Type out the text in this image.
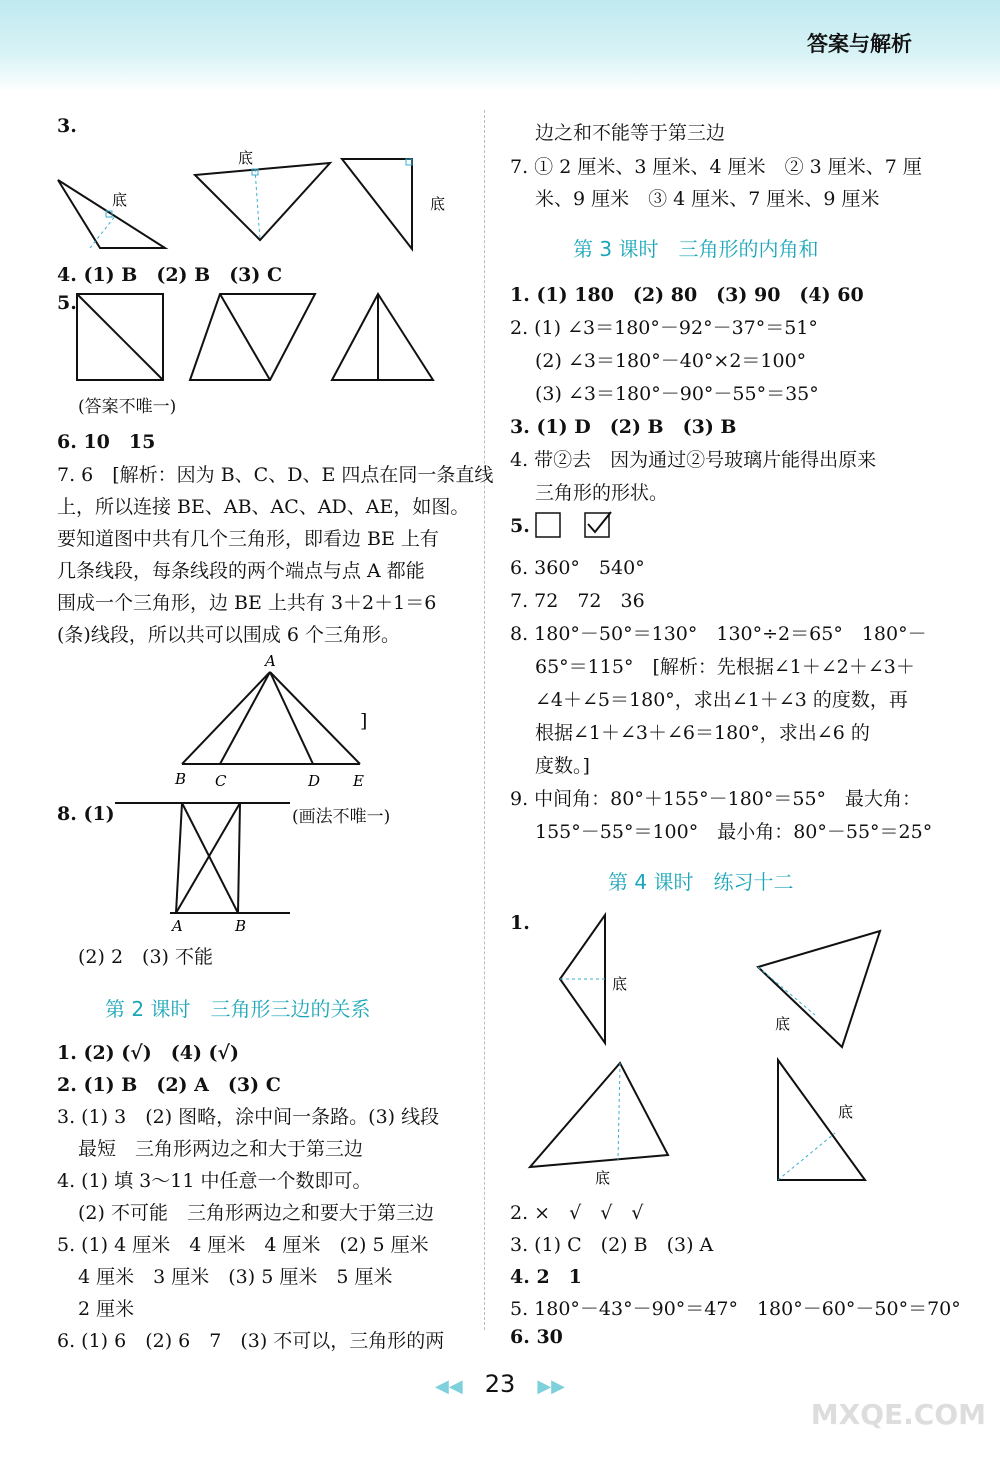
答案与解析
3.
底
底
底
4. (1) B　(2) B　(3) C
5.
(答案不唯一)
6. 10　15
7. 6　[解析：因为 B、C、D、E 四点在同一条直线
上，所以连接 BE、AB、AC、AD、AE，如图。
要知道图中共有几个三角形，即看边 BE 上有
几条线段，每条线段的两个端点与点 A 都能
围成一个三角形，边 BE 上共有 3＋2＋1＝6
(条)线段，所以共可以围成 6 个三角形。
A
B C	D E
]
8. (1)
A	B
(画法不唯一)
(2) 2　(3) 不能
第 2 课时　三角形三边的关系
1. (2) (√)　(4) (√)
2. (1) B　(2) A　(3) C
3. (1) 3　(2) 图略，涂中间一条路。(3) 线段
最短　三角形两边之和大于第三边
4. (1) 填 3～11 中任意一个数即可。
(2) 不可能　三角形两边之和要大于第三边
5. (1) 4 厘米　4 厘米　4 厘米　(2) 5 厘米
4 厘米　3 厘米　(3) 5 厘米　5 厘米
2 厘米
6. (1) 6　(2) 6　7　(3) 不可以，三角形的两
边之和不能等于第三边
7. ① 2 厘米、3 厘米、4 厘米　② 3 厘米、7 厘
米、9 厘米　③ 4 厘米、7 厘米、9 厘米
第 3 课时　三角形的内角和
1. (1) 180　(2) 80　(3) 90　(4) 60
2. (1) ∠3＝180°－92°－37°＝51°
(2) ∠3＝180°－40°×2＝100°
(3) ∠3＝180°－90°－55°＝35°
3. (1) D　(2) B　(3) B
4. 带②去　因为通过②号玻璃片能得出原来
三角形的形状。
5.
6. 360°　540°
7. 72　72　36
8. 180°－50°＝130°　130°÷2＝65°　180°－
65°＝115°　[解析：先根据∠1＋∠2＋∠3＋
∠4＋∠5＝180°，求出∠1＋∠3 的度数，再
根据∠1＋∠3＋∠6＝180°，求出∠6 的
度数。]
9. 中间角：80°＋155°－180°＝55°　最大角：
155°－55°＝100°　最小角：80°－55°＝25°
第 4 课时　练习十二
1.
底
底
底
底
2. ×　√　√　√
3. (1) C　(2) B　(3) A
4. 2　1
5. 180°－43°－90°＝47°　180°－60°－50°＝70°
6. 30
◀◀ 23 ▶▶
MXQE.COM
